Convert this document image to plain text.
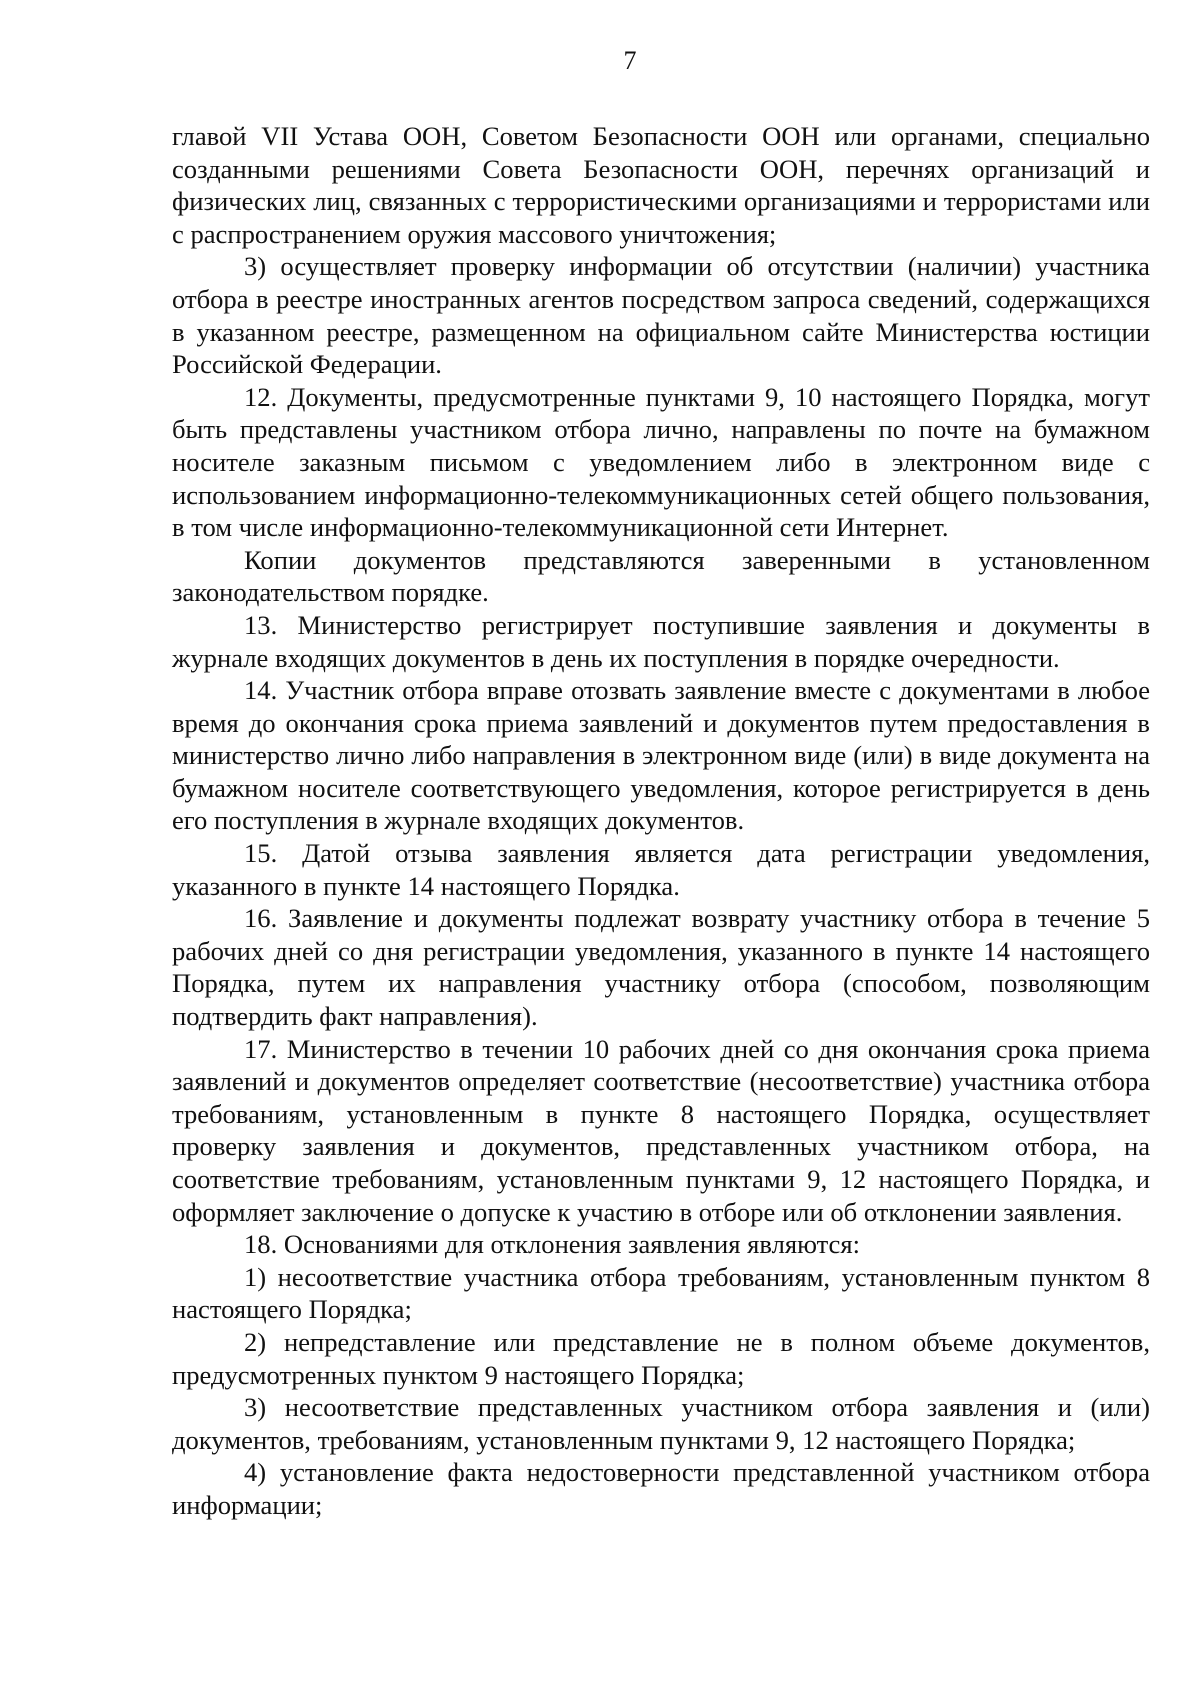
7

главой VII Устава ООН, Советом Безопасности ООН или органами, специально созданными решениями Совета Безопасности ООН, перечнях организаций и физических лиц, связанных с террористическими организациями и террористами или с распространением оружия массового уничтожения;

3) осуществляет проверку информации об отсутствии (наличии) участника отбора в реестре иностранных агентов посредством запроса сведений, содержащихся в указанном реестре, размещенном на официальном сайте Министерства юстиции Российской Федерации.

12. Документы, предусмотренные пунктами 9, 10 настоящего Порядка, могут быть представлены участником отбора лично, направлены по почте на бумажном носителе заказным письмом с уведомлением либо в электронном виде с использованием информационно-телекоммуникационных сетей общего пользования, в том числе информационно-телекоммуникационной сети Интернет.

Копии документов представляются заверенными в установленном законодательством порядке.

13. Министерство регистрирует поступившие заявления и документы в журнале входящих документов в день их поступления в порядке очередности.

14. Участник отбора вправе отозвать заявление вместе с документами в любое время до окончания срока приема заявлений и документов путем предоставления в министерство лично либо направления в электронном виде (или) в виде документа на бумажном носителе соответствующего уведомления, которое регистрируется в день его поступления в журнале входящих документов.

15. Датой отзыва заявления является дата регистрации уведомления, указанного в пункте 14 настоящего Порядка.

16. Заявление и документы подлежат возврату участнику отбора в течение 5 рабочих дней со дня регистрации уведомления, указанного в пункте 14 настоящего Порядка, путем их направления участнику отбора (способом, позволяющим подтвердить факт направления).

17. Министерство в течении 10 рабочих дней со дня окончания срока приема заявлений и документов определяет соответствие (несоответствие) участника отбора требованиям, установленным в пункте 8 настоящего Порядка, осуществляет проверку заявления и документов, представленных участником отбора, на соответствие требованиям, установленным пунктами 9, 12 настоящего Порядка, и оформляет заключение о допуске к участию в отборе или об отклонении заявления.

18. Основаниями для отклонения заявления являются:

1) несоответствие участника отбора требованиям, установленным пунктом 8 настоящего Порядка;

2) непредставление или представление не в полном объеме документов, предусмотренных пунктом 9 настоящего Порядка;

3) несоответствие представленных участником отбора заявления и (или) документов, требованиям, установленным пунктами 9, 12 настоящего Порядка;

4) установление факта недостоверности представленной участником отбора информации;
